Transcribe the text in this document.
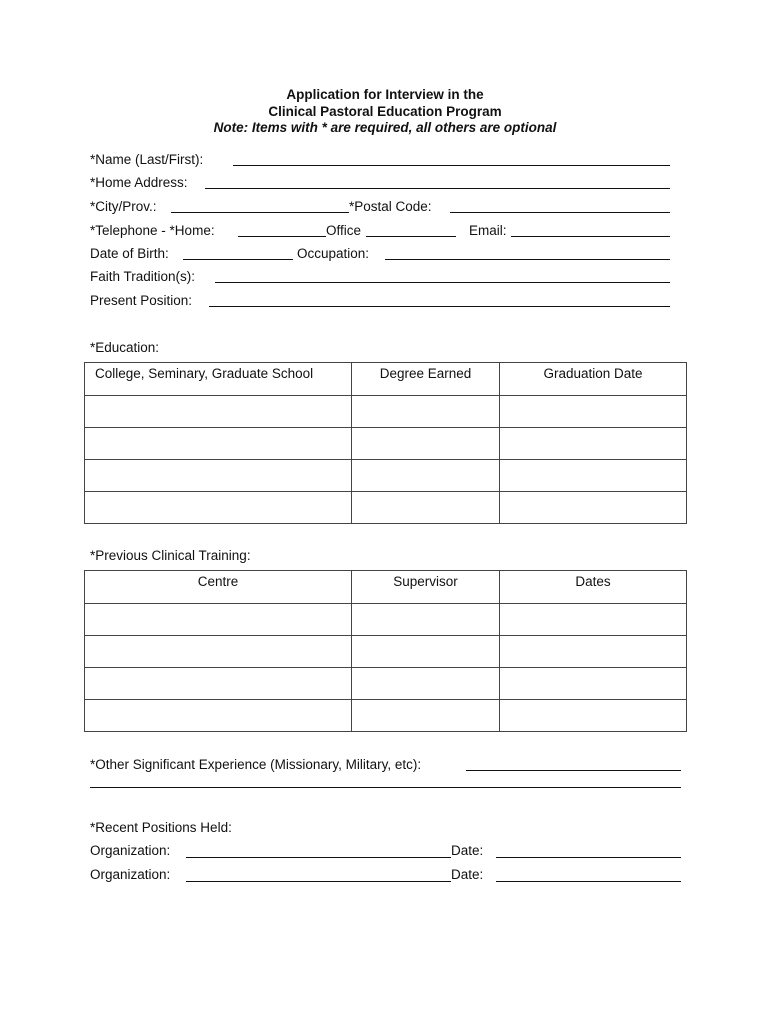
Application for Interview in the
Clinical Pastoral Education Program
Note: Items with * are required, all others are optional
*Name (Last/First):
*Home Address:
*City/Prov.:	*Postal Code:
*Telephone - *Home:	Office	Email:
Date of Birth:	Occupation:
Faith Tradition(s):
Present Position:
*Education:
College, Seminary, Graduate School	Degree Earned	Graduation Date

*Previous Clinical Training:
Centre	Supervisor	Dates

*Other Significant Experience (Missionary, Military, etc):
*Recent Positions Held:
Organization:	Date:
Organization:	Date:
